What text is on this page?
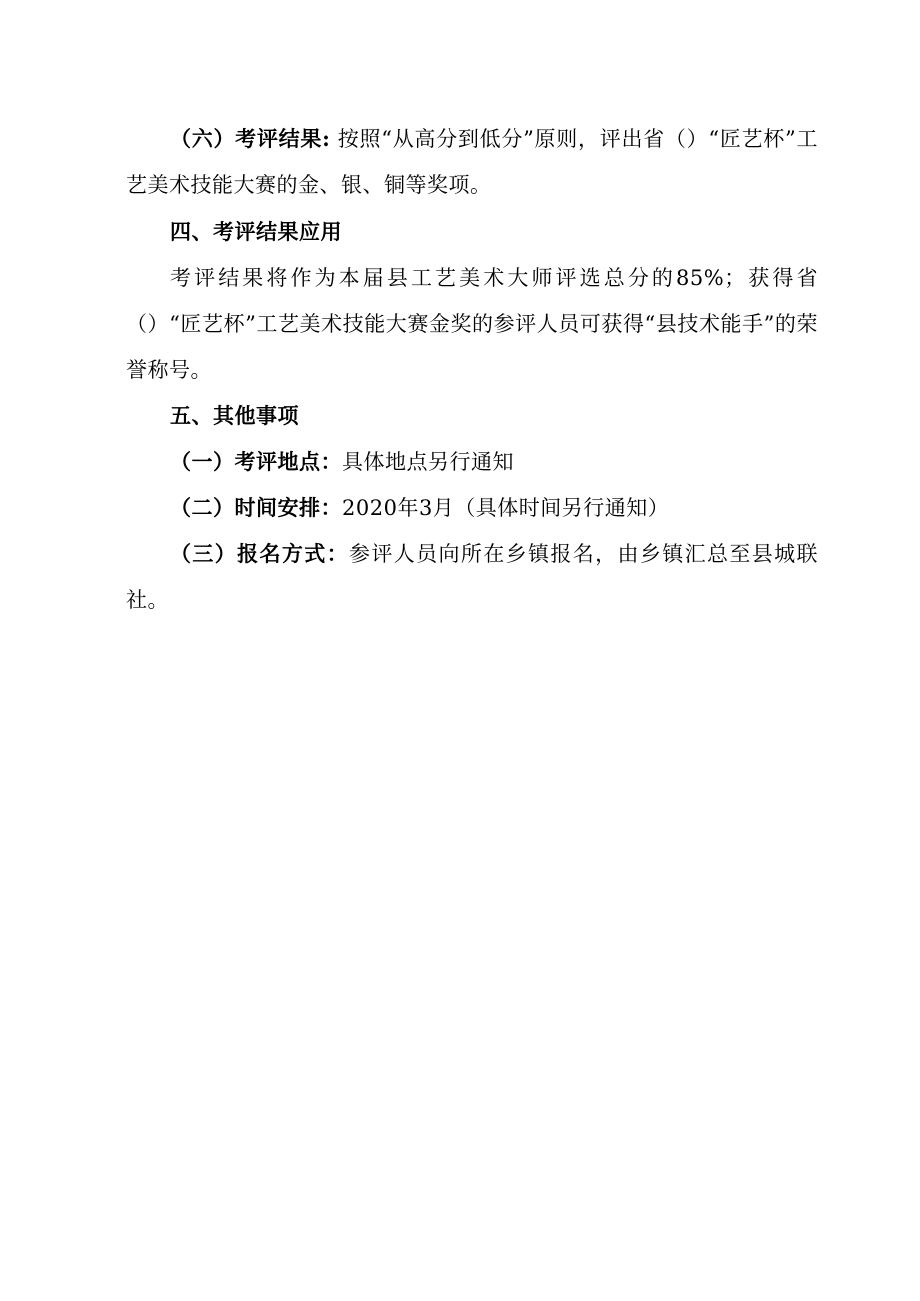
（六）考评结果: 按照“从高分到低分”原则，评出省（）“匠艺杯”工艺美术技能大赛的金、银、铜等奖项。

四、考评结果应用

考评结果将作为本届县工艺美术大师评选总分的85%；获得省（）“匠艺杯”工艺美术技能大赛金奖的参评人员可获得“县技术能手”的荣誉称号。

五、其他事项

（一）考评地点：具体地点另行通知

（二）时间安排：2020年3月（具体时间另行通知）

（三）报名方式：参评人员向所在乡镇报名，由乡镇汇总至县城联社。
